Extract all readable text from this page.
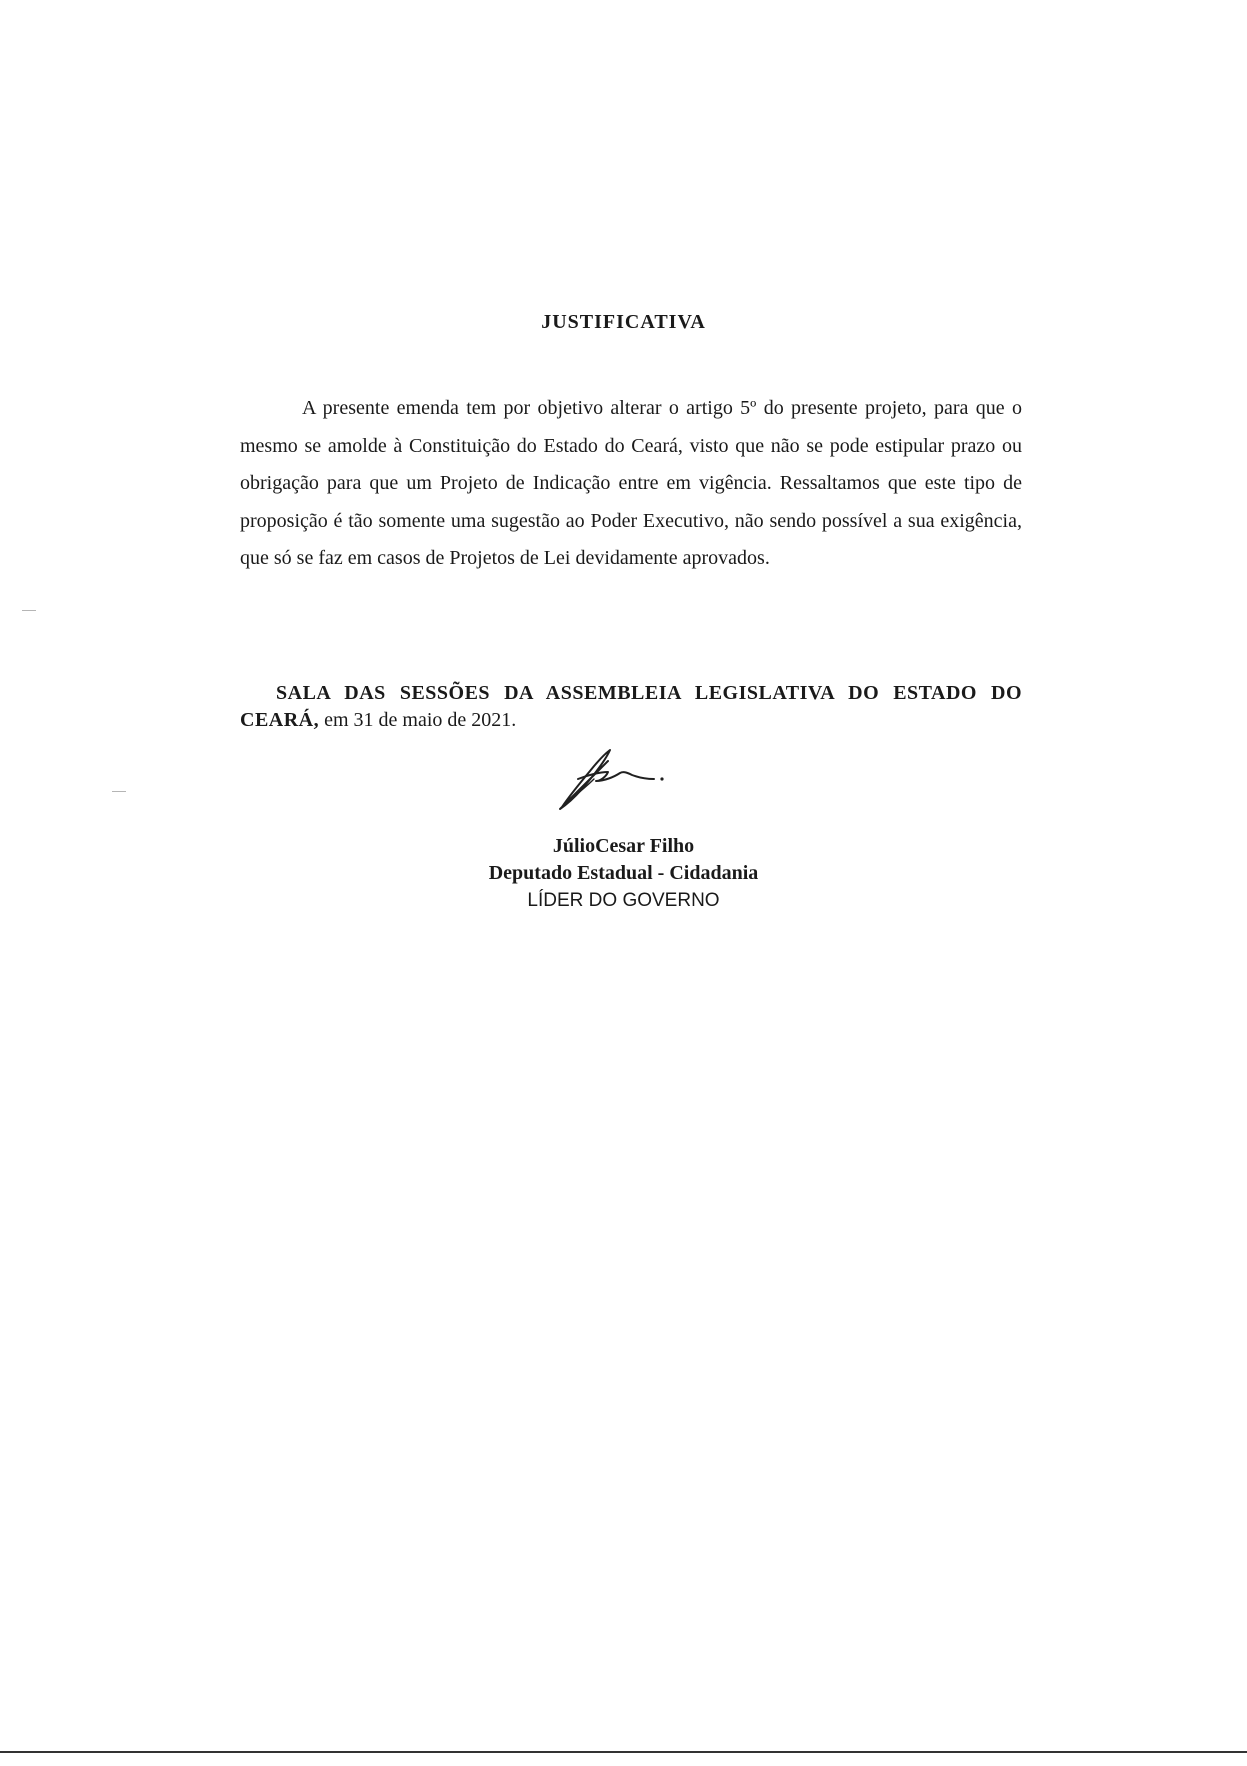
JUSTIFICATIVA

A presente emenda tem por objetivo alterar o artigo 5º do presente projeto, para que o mesmo se amolde à Constituição do Estado do Ceará, visto que não se pode estipular prazo ou obrigação para que um Projeto de Indicação entre em vigência. Ressaltamos que este tipo de proposição é tão somente uma sugestão ao Poder Executivo, não sendo possível a sua exigência, que só se faz em casos de Projetos de Lei devidamente aprovados.

SALA DAS SESSÕES DA ASSEMBLEIA LEGISLATIVA DO ESTADO DO CEARÁ, em 31 de maio de 2021.

JúlioCesar Filho
Deputado Estadual - Cidadania
LÍDER DO GOVERNO
